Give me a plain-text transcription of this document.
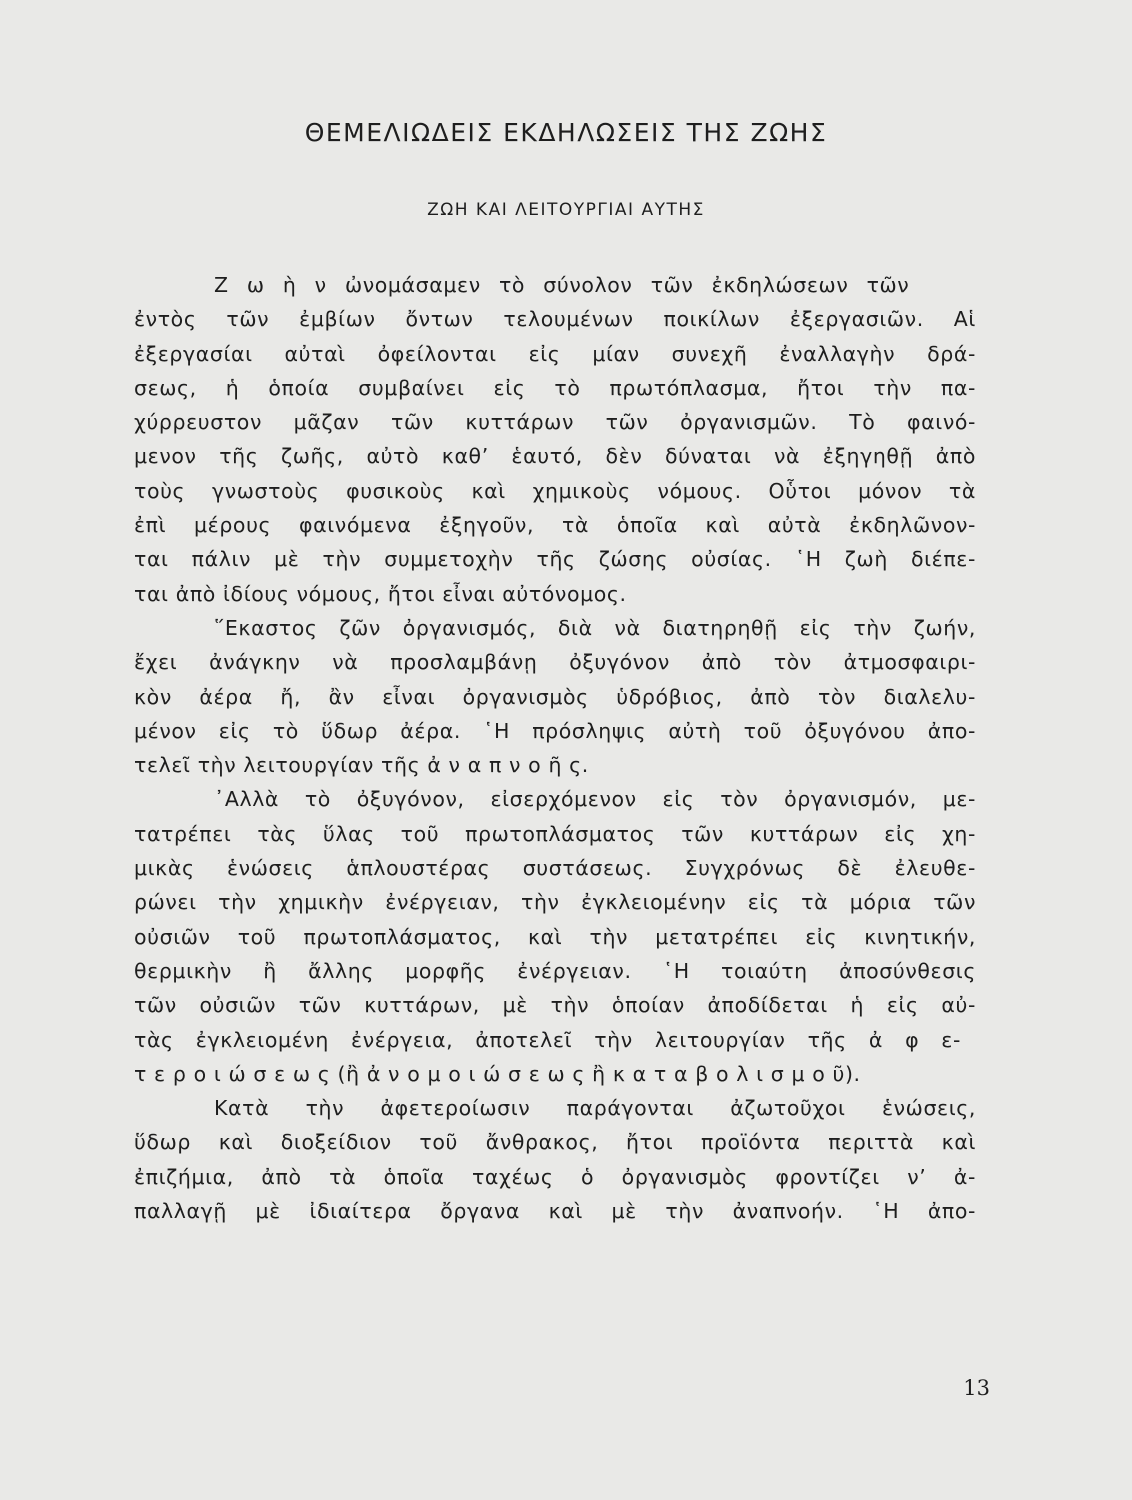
ΘΕΜΕΛΙΩΔΕΙΣ ΕΚΔΗΛΩΣΕΙΣ ΤΗΣ ΖΩΗΣ
ΖΩΗ ΚΑΙ ΛΕΙΤΟΥΡΓΙΑΙ ΑΥΤΗΣ
Ζ ω ὴ ν ὠνομάσαμεν τὸ σύνολον τῶν ἐκδηλώσεων τῶν
ἐντὸς τῶν ἐμβίων ὄντων τελουμένων ποικίλων ἐξεργασιῶν. Αἱ
ἐξεργασίαι αὐταὶ ὀφείλονται εἰς μίαν συνεχῆ ἐναλλαγὴν δρά-
σεως, ἡ ὁποία συμβαίνει εἰς τὸ πρωτόπλασμα, ἤτοι τὴν πα-
χύρρευστον μᾶζαν τῶν κυττάρων τῶν ὀργανισμῶν. Τὸ φαινό-
μενον τῆς ζωῆς, αὐτὸ καθ’ ἑαυτό, δὲν δύναται νὰ ἐξηγηθῇ ἀπὸ
τοὺς γνωστοὺς φυσικοὺς καὶ χημικοὺς νόμους. Οὗτοι μόνον τὰ
ἐπὶ μέρους φαινόμενα ἐξηγοῦν, τὰ ὁποῖα καὶ αὐτὰ ἐκδηλῶνον-
ται πάλιν μὲ τὴν συμμετοχὴν τῆς ζώσης οὐσίας. ῾Η ζωὴ διέπε-
ται ἀπὸ ἰδίους νόμους, ἤτοι εἶναι αὐτόνομος.
῞Εκαστος ζῶν ὀργανισμός, διὰ νὰ διατηρηθῇ εἰς τὴν ζωήν,
ἔχει ἀνάγκην νὰ προσλαμβάνῃ ὀξυγόνον ἀπὸ τὸν ἀτμοσφαιρι-
κὸν ἀέρα ἤ, ἂν εἶναι ὀργανισμὸς ὑδρόβιος, ἀπὸ τὸν διαλελυ-
μένον εἰς τὸ ὕδωρ ἀέρα. ῾Η πρόσληψις αὐτὴ τοῦ ὀξυγόνου ἀπο-
τελεῖ τὴν λειτουργίαν τῆς ἀ ν α π ν ο ῆ ς.
᾿Αλλὰ τὸ ὀξυγόνον, εἰσερχόμενον εἰς τὸν ὀργανισμόν, με-
τατρέπει τὰς ὕλας τοῦ πρωτοπλάσματος τῶν κυττάρων εἰς χη-
μικὰς ἑνώσεις ἁπλουστέρας συστάσεως. Συγχρόνως δὲ ἐλευθε-
ρώνει τὴν χημικὴν ἐνέργειαν, τὴν ἐγκλειομένην εἰς τὰ μόρια τῶν
οὐσιῶν τοῦ πρωτοπλάσματος, καὶ τὴν μετατρέπει εἰς κινητικήν,
θερμικὴν ἢ ἄλλης μορφῆς ἐνέργειαν. ῾Η τοιαύτη ἀποσύνθεσις
τῶν οὐσιῶν τῶν κυττάρων, μὲ τὴν ὁποίαν ἀποδίδεται ἡ εἰς αὐ-
τὰς ἐγκλειομένη ἐνέργεια, ἀποτελεῖ τὴν λειτουργίαν τῆς ἀ φ ε-
τ ε ρ ο ι ώ σ ε ω ς (ἢ ἀ ν ο μ ο ι ώ σ ε ω ς ἢ κ α τ α β ο λ ι σ μ ο ῦ).
Κατὰ τὴν ἀφετεροίωσιν παράγονται ἀζωτοῦχοι ἑνώσεις,
ὕδωρ καὶ διοξείδιον τοῦ ἄνθρακος, ἤτοι προϊόντα περιττὰ καὶ
ἐπιζήμια, ἀπὸ τὰ ὁποῖα ταχέως ὁ ὀργανισμὸς φροντίζει ν’ ἀ-
παλλαγῇ μὲ ἰδιαίτερα ὄργανα καὶ μὲ τὴν ἀναπνοήν. ῾Η ἀπο-
13
